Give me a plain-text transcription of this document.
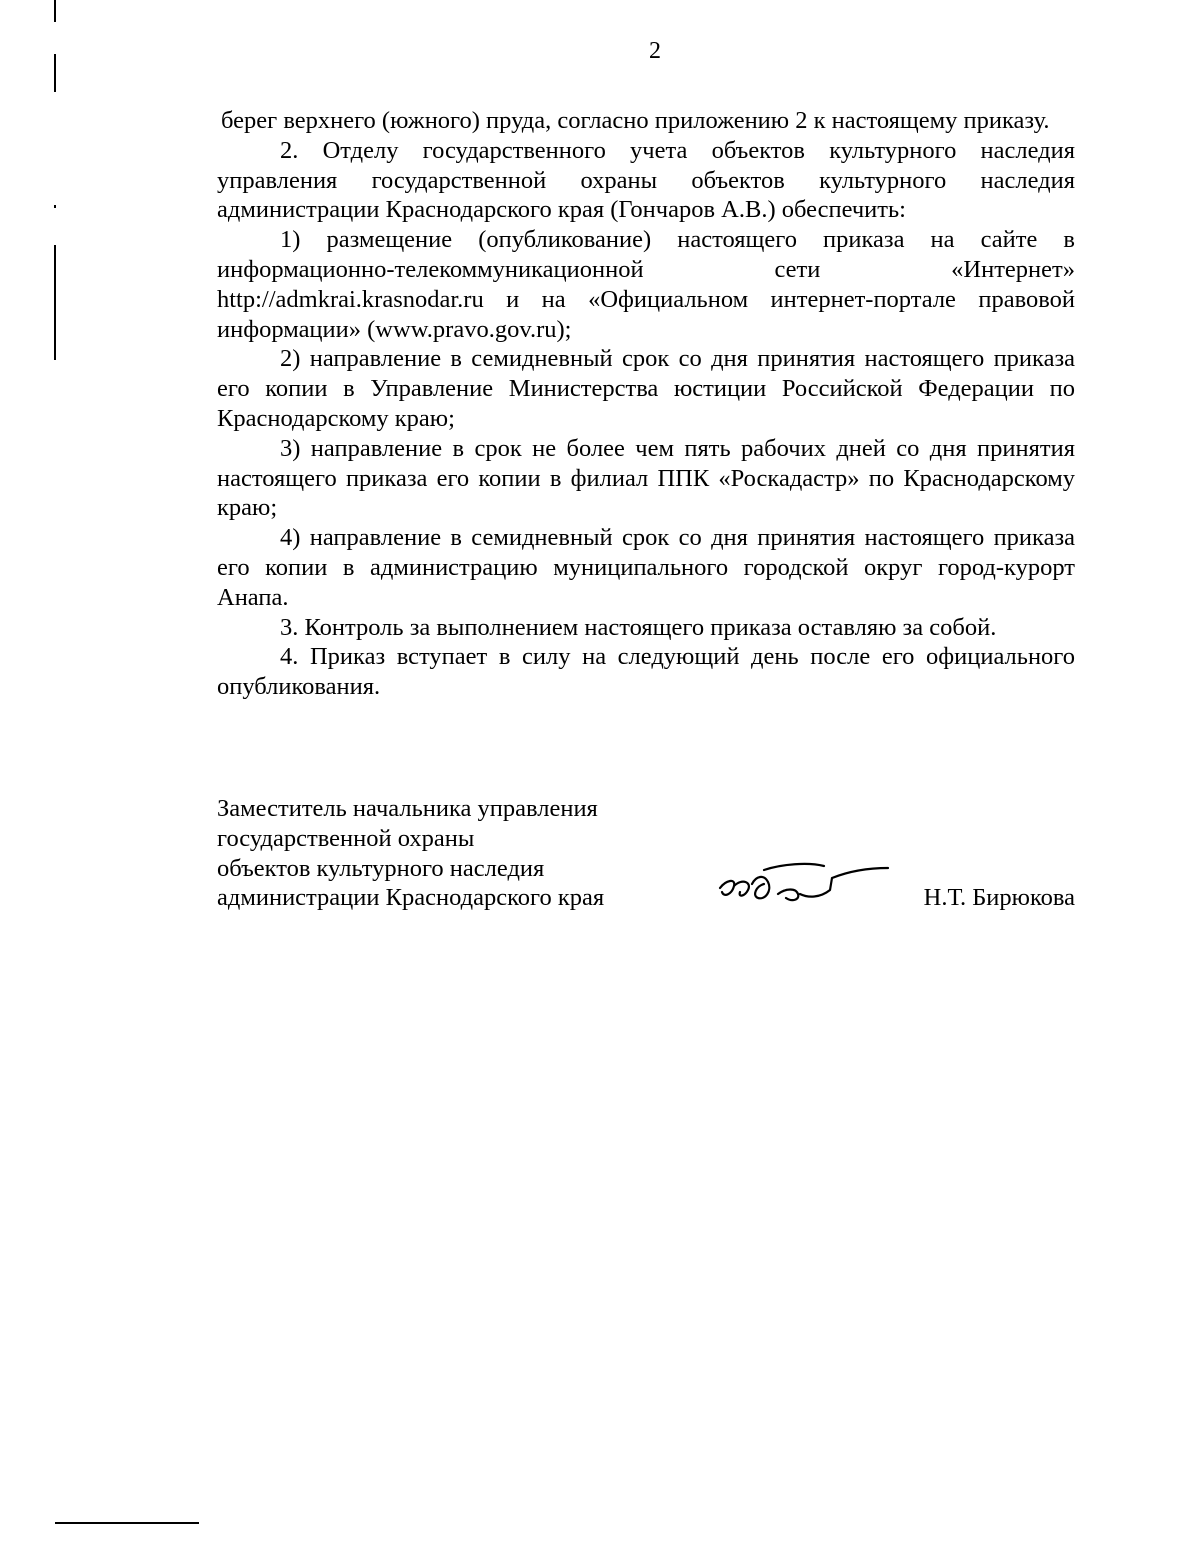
2

берег верхнего (южного) пруда, согласно приложению 2 к настоящему приказу.

2. Отделу государственного учета объектов культурного наследия управления государственной охраны объектов культурного наследия администрации Краснодарского края (Гончаров А.В.) обеспечить:

1) размещение (опубликование) настоящего приказа на сайте в информационно-телекоммуникационной сети «Интернет» http://admkrai.krasnodar.ru и на «Официальном интернет-портале правовой информации» (www.pravo.gov.ru);

2) направление в семидневный срок со дня принятия настоящего приказа его копии в Управление Министерства юстиции Российской Федерации по Краснодарскому краю;

3) направление в срок не более чем пять рабочих дней со дня принятия настоящего приказа его копии в филиал ППК «Роскадастр» по Краснодарскому краю;

4) направление в семидневный срок со дня принятия настоящего приказа его копии в администрацию муниципального городской округ город-курорт Анапа.

3. Контроль за выполнением настоящего приказа оставляю за собой.

4. Приказ вступает в силу на следующий день после его официального опубликования.

Заместитель начальника управления
государственной охраны
объектов культурного наследия
администрации Краснодарского края	Н.Т. Бирюкова
